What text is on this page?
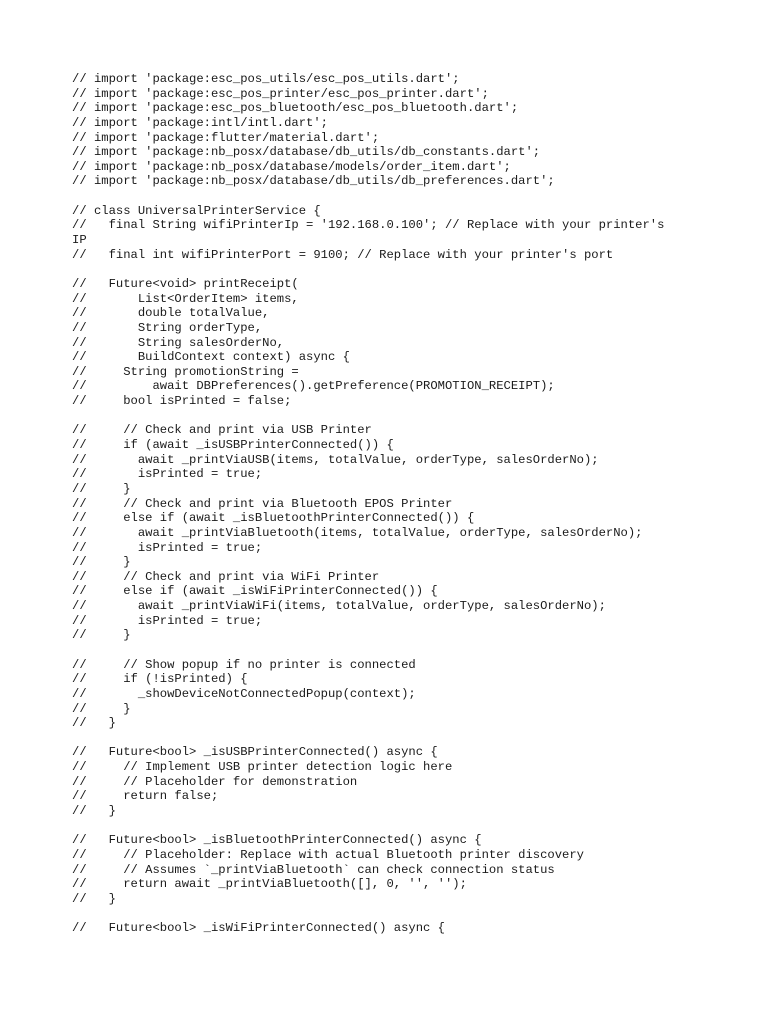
// import 'package:esc_pos_utils/esc_pos_utils.dart';
// import 'package:esc_pos_printer/esc_pos_printer.dart';
// import 'package:esc_pos_bluetooth/esc_pos_bluetooth.dart';
// import 'package:intl/intl.dart';
// import 'package:flutter/material.dart';
// import 'package:nb_posx/database/db_utils/db_constants.dart';
// import 'package:nb_posx/database/models/order_item.dart';
// import 'package:nb_posx/database/db_utils/db_preferences.dart';
// class UniversalPrinterService {
//   final String wifiPrinterIp = '192.168.0.100'; // Replace with your printer's
IP
//   final int wifiPrinterPort = 9100; // Replace with your printer's port
//   Future<void> printReceipt(
//       List<OrderItem> items,
//       double totalValue,
//       String orderType,
//       String salesOrderNo,
//       BuildContext context) async {
//     String promotionString =
//         await DBPreferences().getPreference(PROMOTION_RECEIPT);
//     bool isPrinted = false;
//     // Check and print via USB Printer
//     if (await _isUSBPrinterConnected()) {
//       await _printViaUSB(items, totalValue, orderType, salesOrderNo);
//       isPrinted = true;
//     }
//     // Check and print via Bluetooth EPOS Printer
//     else if (await _isBluetoothPrinterConnected()) {
//       await _printViaBluetooth(items, totalValue, orderType, salesOrderNo);
//       isPrinted = true;
//     }
//     // Check and print via WiFi Printer
//     else if (await _isWiFiPrinterConnected()) {
//       await _printViaWiFi(items, totalValue, orderType, salesOrderNo);
//       isPrinted = true;
//     }
//     // Show popup if no printer is connected
//     if (!isPrinted) {
//       _showDeviceNotConnectedPopup(context);
//     }
//   }
//   Future<bool> _isUSBPrinterConnected() async {
//     // Implement USB printer detection logic here
//     // Placeholder for demonstration
//     return false;
//   }
//   Future<bool> _isBluetoothPrinterConnected() async {
//     // Placeholder: Replace with actual Bluetooth printer discovery
//     // Assumes `_printViaBluetooth` can check connection status
//     return await _printViaBluetooth([], 0, '', '');
//   }
//   Future<bool> _isWiFiPrinterConnected() async {
